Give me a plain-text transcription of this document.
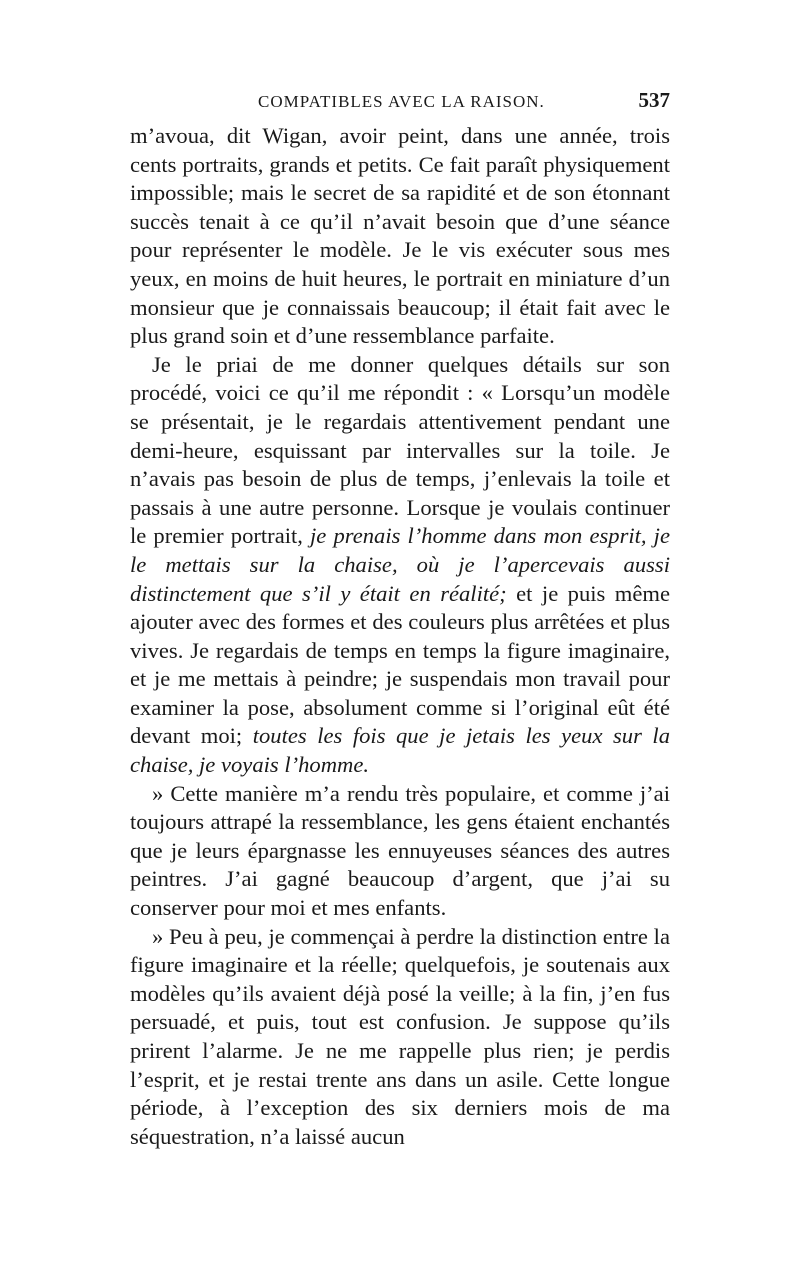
COMPATIBLES AVEC LA RAISON.	537

m’avoua, dit Wigan, avoir peint, dans une année, trois cents portraits, grands et petits. Ce fait paraît physiquement impossible; mais le secret de sa rapidité et de son étonnant succès tenait à ce qu’il n’avait besoin que d’une séance pour représenter le modèle. Je le vis exécuter sous mes yeux, en moins de huit heures, le portrait en miniature d’un monsieur que je connaissais beaucoup; il était fait avec le plus grand soin et d’une ressemblance parfaite.

Je le priai de me donner quelques détails sur son procédé, voici ce qu’il me répondit : « Lorsqu’un modèle se présentait, je le regardais attentivement pendant une demi-heure, esquissant par intervalles sur la toile. Je n’avais pas besoin de plus de temps, j’enlevais la toile et passais à une autre personne. Lorsque je voulais continuer le premier portrait, je prenais l’homme dans mon esprit, je le mettais sur la chaise, où je l’apercevais aussi distinctement que s’il y était en réalité; et je puis même ajouter avec des formes et des couleurs plus arrêtées et plus vives. Je regardais de temps en temps la figure imaginaire, et je me mettais à peindre; je suspendais mon travail pour examiner la pose, absolument comme si l’original eût été devant moi; toutes les fois que je jetais les yeux sur la chaise, je voyais l’homme.

» Cette manière m’a rendu très populaire, et comme j’ai toujours attrapé la ressemblance, les gens étaient enchantés que je leurs épargnasse les ennuyeuses séances des autres peintres. J’ai gagné beaucoup d’argent, que j’ai su conserver pour moi et mes enfants.

» Peu à peu, je commençai à perdre la distinction entre la figure imaginaire et la réelle; quelquefois, je soutenais aux modèles qu’ils avaient déjà posé la veille; à la fin, j’en fus persuadé, et puis, tout est confusion. Je suppose qu’ils prirent l’alarme. Je ne me rappelle plus rien; je perdis l’esprit, et je restai trente ans dans un asile. Cette longue période, à l’exception des six derniers mois de ma séquestration, n’a laissé aucun
